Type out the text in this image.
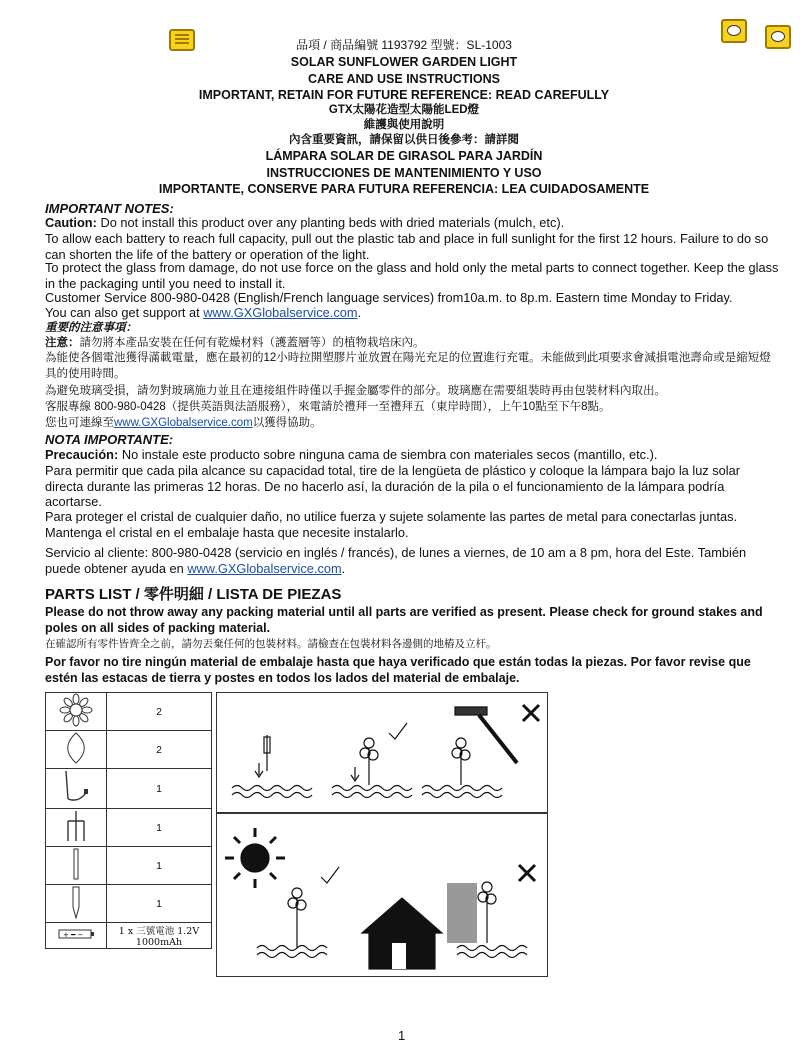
品項 / 商品編號 1193792 型號：SL-1003
SOLAR SUNFLOWER GARDEN LIGHT
CARE AND USE INSTRUCTIONS
IMPORTANT, RETAIN FOR FUTURE REFERENCE: READ CAREFULLY
GTX太陽花造型太陽能LED燈
維護與使用說明
內含重要資訊，請保留以供日後參考：請詳閱
LÁMPARA SOLAR DE GIRASOL PARA JARDÍN
INSTRUCCIONES DE MANTENIMIENTO Y USO
IMPORTANTE, CONSERVE PARA FUTURA REFERENCIA: LEA CUIDADOSAMENTE
IMPORTANT NOTES:
Caution: Do not install this product over any planting beds with dried materials (mulch, etc).
To allow each battery to reach full capacity, pull out the plastic tab and place in full sunlight for the first 12 hours. Failure to do so can shorten the life of the battery or operation of the light.
To protect the glass from damage, do not use force on the glass and hold only the metal parts to connect together. Keep the glass in the packaging until you need to install it.
Customer Service 800-980-0428 (English/French language services) from10a.m. to 8p.m. Eastern time Monday to Friday.
You can also get support at www.GXGlobalservice.com.
重要的注意事項：
注意：請勿將本產品安裝在任何有乾燥材料（護蓋層等）的植物栽培床內。
為能使各個電池獲得滿載電量，應在最初的12小時拉開塑膠片並放置在陽光充足的位置進行充電。未能做到此項要求會減損電池壽命或是縮短燈具的使用時間。
為避免玻璃受損，請勿對玻璃施力並且在連接組件時僅以手握金屬零件的部分。玻璃應在需要組裝時再由包裝材料內取出。
客服專線 800-980-0428（提供英語與法語服務），來電請於禮拜一至禮拜五（東岸時間），上午10點至下午8點。
您也可連線至www.GXGlobalservice.com以獲得協助。
NOTA IMPORTANTE:
Precaución: No instale este producto sobre ninguna cama de siembra con materiales secos (mantillo, etc.).
Para permitir que cada pila alcance su capacidad total, tire de la lengüeta de plástico y coloque la lámpara bajo la luz solar directa durante las primeras 12 horas. De no hacerlo así, la duración de la pila o el funcionamiento de la lámpara podría acortarse.
Para proteger el cristal de cualquier daño, no utilice fuerza y sujete solamente las partes de metal para conectarlas juntas. Mantenga el cristal en el embalaje hasta que necesite instalarlo.
Servicio al cliente: 800-980-0428 (servicio en inglés / francés), de lunes a viernes, de 10 am a 8 pm, hora del Este. También puede obtener ayuda en www.GXGlobalservice.com.
PARTS LIST / 零件明細 / LISTA DE PIEZAS
Please do not throw away any packing material until all parts are verified as present. Please check for ground stakes and poles on all sides of packing material.
在確認所有零件皆齊全之前，請勿丟棄任何的包裝材料。請檢查在包裝材料各邊側的地樁及立杆。
Por favor no tire ningún material de embalaje hasta que haya verificado que están todas la piezas. Por favor revise que estén las estacas de tierra y postes en todos los lados del material de embalaje.
	2
	2
	1
	1
	1
	1

+ ━ −	1 x 三號電池 1.2V 1000mAh
1
